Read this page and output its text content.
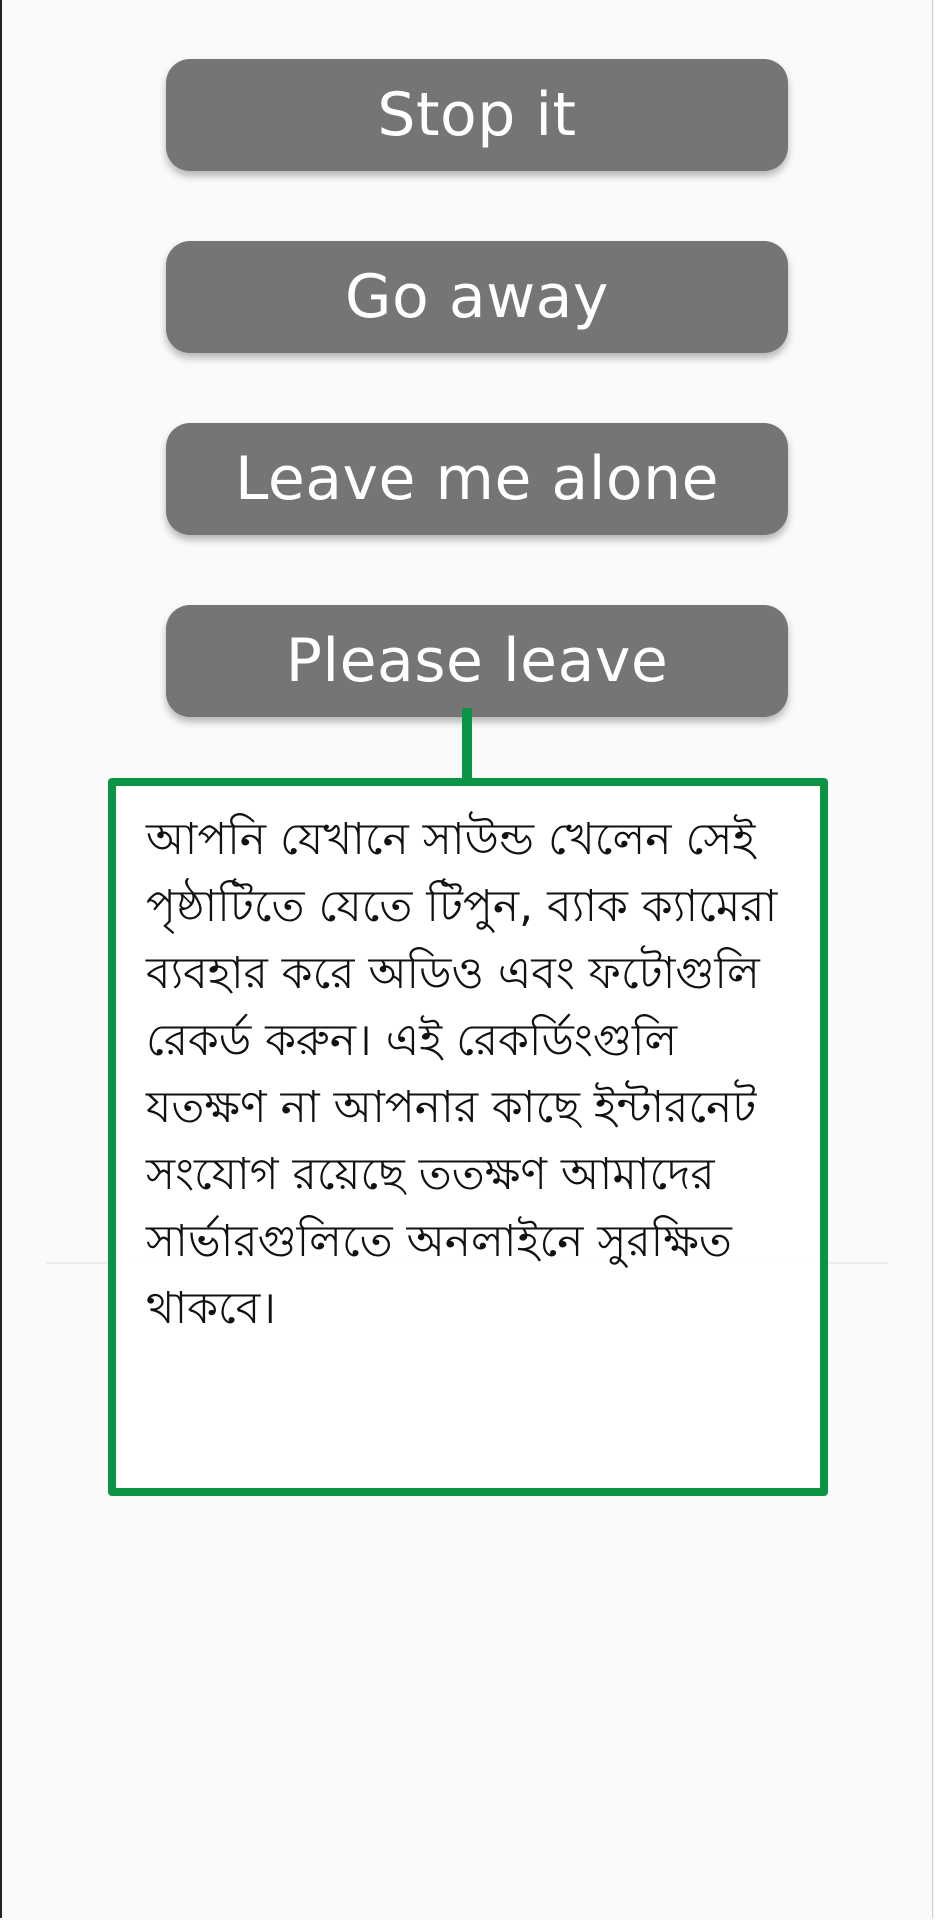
Stop it
Go away
Leave me alone
Please leave

আপনি যেখানে সাউন্ড খেলেন সেই পৃষ্ঠাটিতে যেতে টিপুন, ব্যাক ক্যামেরা ব্যবহার করে অডিও এবং ফটোগুলি রেকর্ড করুন। এই রেকর্ডিংগুলি যতক্ষণ না আপনার কাছে ইন্টারনেট সংযোগ রয়েছে ততক্ষণ আমাদের সার্ভারগুলিতে অনলাইনে সুরক্ষিত থাকবে।
